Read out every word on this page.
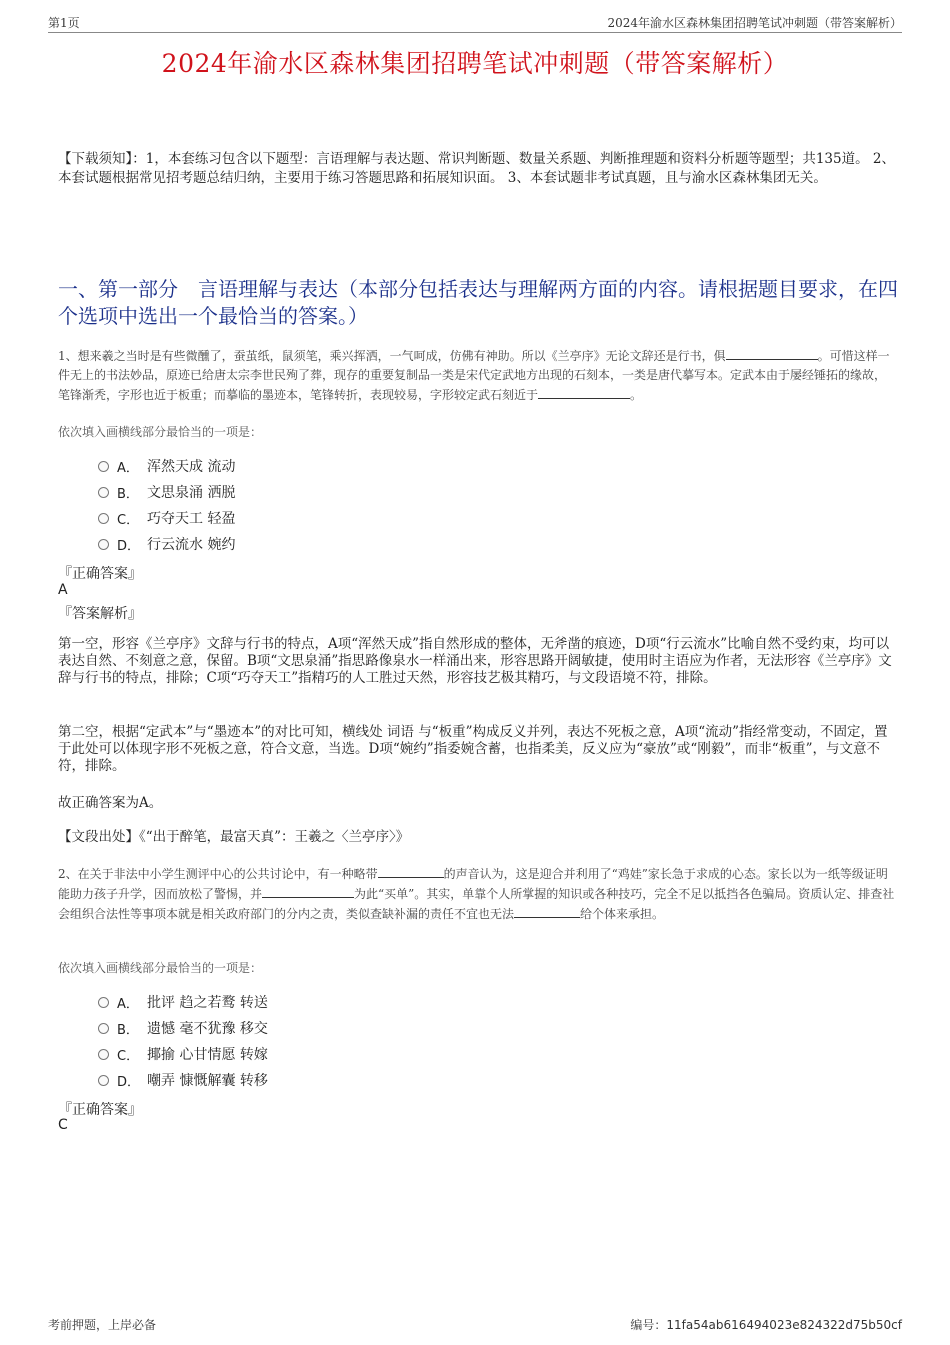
第1页	2024年渝水区森林集团招聘笔试冲刺题（带答案解析）
2024年渝水区森林集团招聘笔试冲刺题（带答案解析）
【下载须知】：1，本套练习包含以下题型：言语理解与表达题、常识判断题、数量关系题、判断推理题和资料分析题等题型；共135道。 2、本套试题根据常见招考题总结归纳，主要用于练习答题思路和拓展知识面。 3、本套试题非考试真题，且与渝水区森林集团无关。
一、第一部分　言语理解与表达（本部分包括表达与理解两方面的内容。请根据题目要求，在四个选项中选出一个最恰当的答案。）
1、想来羲之当时是有些微醺了，蚕茧纸，鼠须笔，乘兴挥洒，一气呵成，仿佛有神助。所以《兰亭序》无论文辞还是行书，俱	。可惜这样一件无上的书法妙品，原迹已给唐太宗李世民殉了葬，现存的重要复制品一类是宋代定武地方出现的石刻本，一类是唐代摹写本。定武本由于屡经锤拓的缘故，笔锋渐秃，字形也近于板重；而摹临的墨迹本，笔锋转折，表现较易，字形较定武石刻近于	。
依次填入画横线部分最恰当的一项是：
A． 浑然天成 流动
B． 文思泉涌 洒脱
C． 巧夺天工 轻盈
D． 行云流水 婉约
『正确答案』
A
『答案解析』
第一空，形容《兰亭序》文辞与行书的特点，A项“浑然天成”指自然形成的整体，无斧凿的痕迹，D项“行云流水”比喻自然不受约束，均可以表达自然、不刻意之意，保留。B项“文思泉涌”指思路像泉水一样涌出来，形容思路开阔敏捷，使用时主语应为作者，无法形容《兰亭序》文辞与行书的特点，排除；C项“巧夺天工”指精巧的人工胜过天然，形容技艺极其精巧，与文段语境不符，排除。
第二空，根据“定武本”与“墨迹本”的对比可知，横线处 词语 与“板重”构成反义并列，表达不死板之意，A项“流动”指经常变动，不固定，置于此处可以体现字形不死板之意，符合文意，当选。D项“婉约”指委婉含蓄，也指柔美，反义应为“豪放”或“刚毅”，而非“板重”，与文意不符，排除。
故正确答案为A。
【文段出处】《“出于醉笔，最富天真”：王羲之〈兰亭序〉》
2、在关于非法中小学生测评中心的公共讨论中，有一种略带	的声音认为，这是迎合并利用了“鸡娃”家长急于求成的心态。家长以为一纸等级证明能助力孩子升学，因而放松了警惕，并	为此“买单”。其实，单靠个人所掌握的知识或各种技巧，完全不足以抵挡各色骗局。资质认定、排查社会组织合法性等事项本就是相关政府部门的分内之责，类似查缺补漏的责任不宜也无法	给个体来承担。
依次填入画横线部分最恰当的一项是：
A． 批评 趋之若鹜 转送
B． 遗憾 毫不犹豫 移交
C． 揶揄 心甘情愿 转嫁
D． 嘲弄 慷慨解囊 转移
『正确答案』
C
考前押题，上岸必备	编号：11fa54ab616494023e824322d75b50cf
